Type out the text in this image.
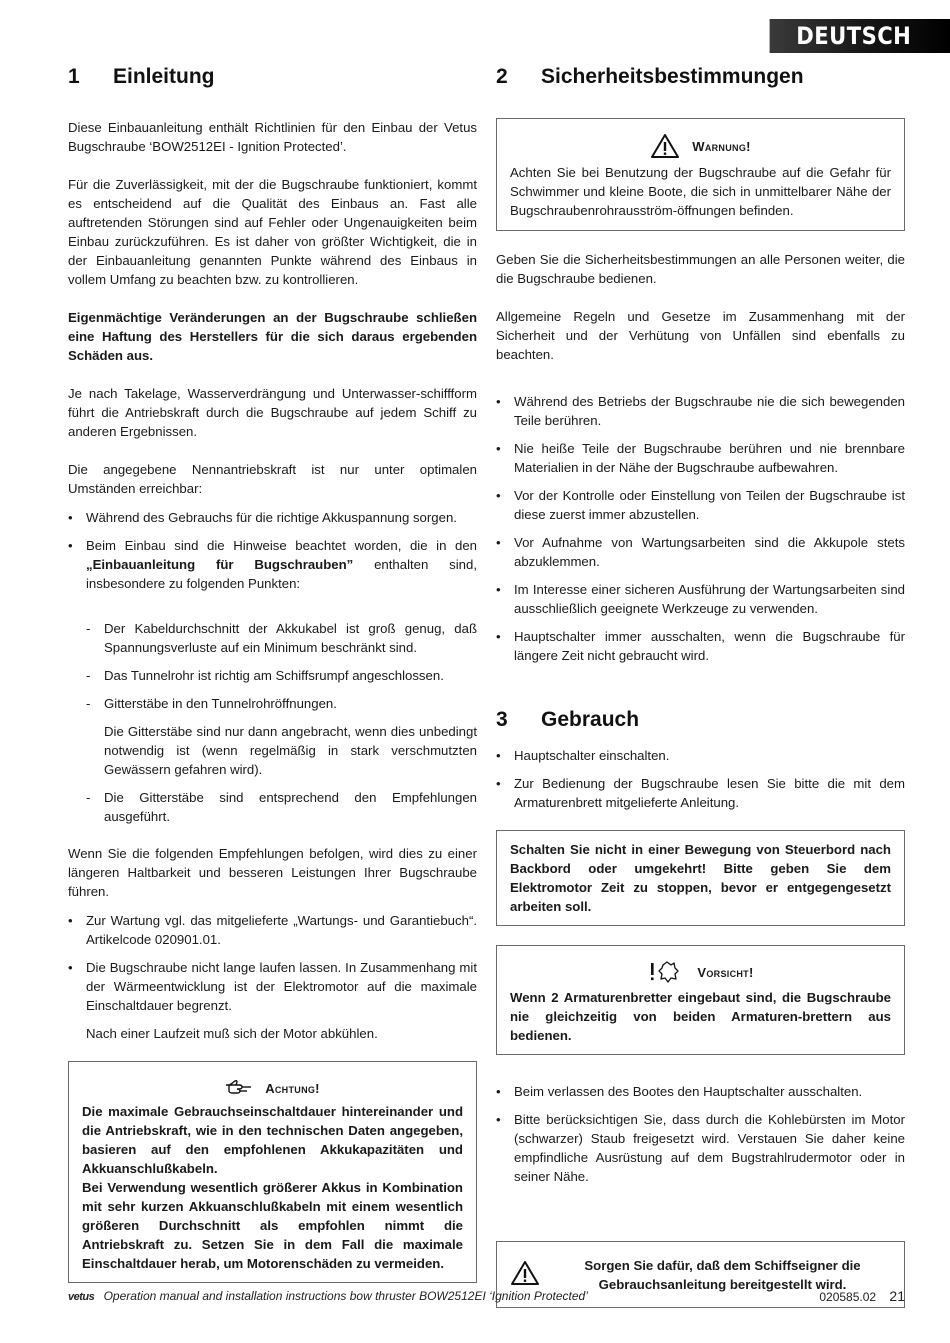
DEUTSCH
1	Einleitung

Diese Einbauanleitung enthält Richtlinien für den Einbau der Vetus Bugschraube ‘BOW2512EI - Ignition Protected’.

Für die Zuverlässigkeit, mit der die Bugschraube funktioniert, kommt es entscheidend auf die Qualität des Einbaus an. Fast alle auftretenden Störungen sind auf Fehler oder Ungenauigkeiten beim Einbau zurückzuführen. Es ist daher von größter Wichtigkeit, die in der Einbauanleitung genannten Punkte während des Einbaus in vollem Umfang zu beachten bzw. zu kontrollieren.

Eigenmächtige Veränderungen an der Bugschraube schließen eine Haftung des Herstellers für die sich daraus ergebenden Schäden aus.

Je nach Takelage, Wasserverdrängung und Unterwasser-schiffform führt die Antriebskraft durch die Bugschraube auf jedem Schiff zu anderen Ergebnissen.

Die angegebene Nennantriebskraft ist nur unter optimalen Umständen erreichbar:

• Während des Gebrauchs für die richtige Akkuspannung sorgen.
• Beim Einbau sind die Hinweise beachtet worden, die in den „Einbauanleitung für Bugschrauben” enthalten sind, insbesondere zu folgenden Punkten:
- Der Kabeldurchschnitt der Akkukabel ist groß genug, daß Spannungsverluste auf ein Minimum beschränkt sind.
- Das Tunnelrohr ist richtig am Schiffsrumpf angeschlossen.
- Gitterstäbe in den Tunnelrohröffnungen.
Die Gitterstäbe sind nur dann angebracht, wenn dies unbedingt notwendig ist (wenn regelmäßig in stark verschmutzten Gewässern gefahren wird).
- Die Gitterstäbe sind entsprechend den Empfehlungen ausgeführt.

Wenn Sie die folgenden Empfehlungen befolgen, wird dies zu einer längeren Haltbarkeit und besseren Leistungen Ihrer Bugschraube führen.

• Zur Wartung vgl. das mitgelieferte „Wartungs- und Garantiebuch“. Artikelcode 020901.01.
• Die Bugschraube nicht lange laufen lassen. In Zusammenhang mit der Wärmeentwicklung ist der Elektromotor auf die maximale Einschaltdauer begrenzt.
Nach einer Laufzeit muß sich der Motor abkühlen.
Achtung!

Die maximale Gebrauchseinschaltdauer hintereinander und die Antriebskraft, wie in den technischen Daten angegeben, basieren auf den empfohlenen Akkukapazitäten und Akkuanschlußkabeln.

Bei Verwendung wesentlich größerer Akkus in Kombination mit sehr kurzen Akkuanschlußkabeln mit einem wesentlich größeren Durchschnitt als empfohlen nimmt die Antriebskraft zu. Setzen Sie in dem Fall die maximale Einschaltdauer herab, um Motorenschäden zu vermeiden.

2	Sicherheitsbestimmungen
Warnung!

Achten Sie bei Benutzung der Bugschraube auf die Gefahr für Schwimmer und kleine Boote, die sich in unmittelbarer Nähe der Bugschraubenrohrausström-öffnungen befinden.

Geben Sie die Sicherheitsbestimmungen an alle Personen weiter, die die Bugschraube bedienen.

Allgemeine Regeln und Gesetze im Zusammenhang mit der Sicherheit und der Verhütung von Unfällen sind ebenfalls zu beachten.

• Während des Betriebs der Bugschraube nie die sich bewegenden Teile berühren.
• Nie heiße Teile der Bugschraube berühren und nie brennbare Materialien in der Nähe der Bugschraube aufbewahren.
• Vor der Kontrolle oder Einstellung von Teilen der Bugschraube ist diese zuerst immer abzustellen.
• Vor Aufnahme von Wartungsarbeiten sind die Akkupole stets abzuklemmen.
• Im Interesse einer sicheren Ausführung der Wartungsarbeiten sind ausschließlich geeignete Werkzeuge zu verwenden.
• Hauptschalter immer ausschalten, wenn die Bugschraube für längere Zeit nicht gebraucht wird.
3	Gebrauch
• Hauptschalter einschalten.
• Zur Bedienung der Bugschraube lesen Sie bitte die mit dem Armaturenbrett mitgelieferte Anleitung.

Schalten Sie nicht in einer Bewegung von Steuerbord nach Backbord oder umgekehrt! Bitte geben Sie dem Elektromotor Zeit zu stoppen, bevor er entgegengesetzt arbeiten soll.

Vorsicht!

Wenn 2 Armaturenbretter eingebaut sind, die Bugschraube nie gleichzeitig von beiden Armaturen-brettern aus bedienen.

• Beim verlassen des Bootes den Hauptschalter ausschalten.
• Bitte berücksichtigen Sie, dass durch die Kohlebürsten im Motor (schwarzer) Staub freigesetzt wird. Verstauen Sie daher keine empfindliche Ausrüstung auf dem Bugstrahlrudermotor oder in seiner Nähe.

Sorgen Sie dafür, daß dem Schiffseigner die Gebrauchsanleitung bereitgestellt wird.

vetus Operation manual and installation instructions bow thruster BOW2512EI ‘Ignition Protected’	020585.02 21
